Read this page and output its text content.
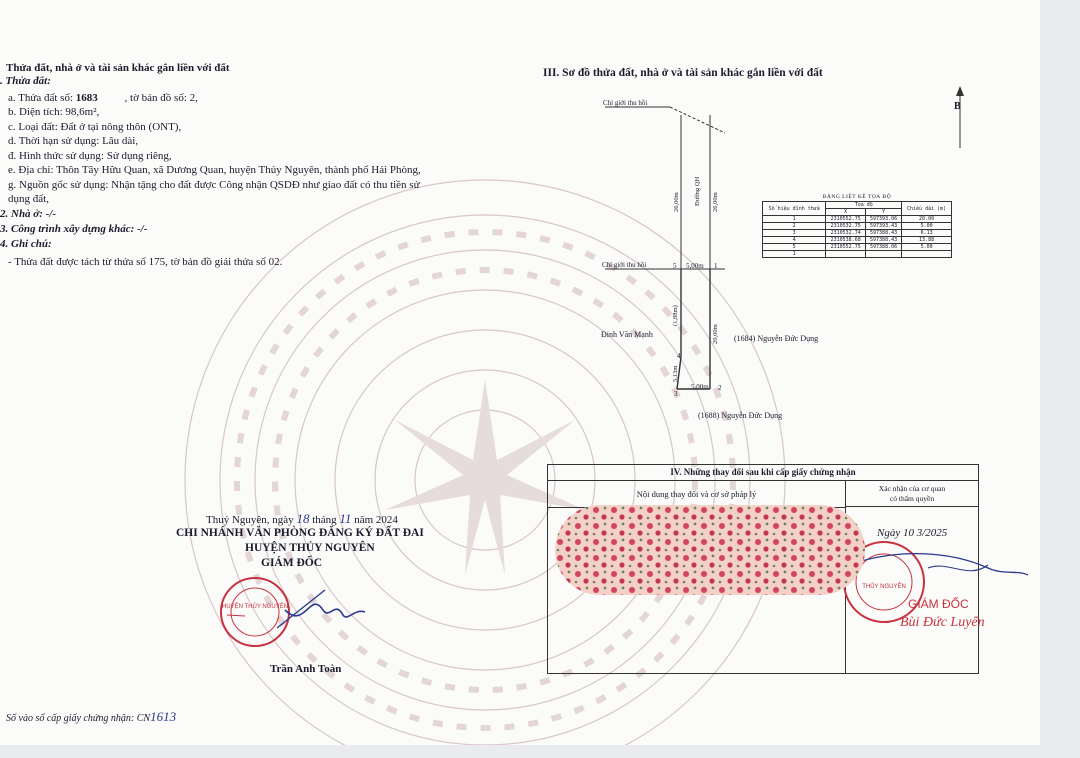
Thửa đất, nhà ở và tài sản khác gắn liền với đất
. Thửa đất:
a. Thửa đất số: 1683 , tờ bản đồ số: 2,
b. Diện tích: 98,6m²,
c. Loại đất: Đất ở tại nông thôn (ONT),
d. Thời hạn sử dụng: Lâu dài,
đ. Hình thức sử dụng: Sử dụng riêng,
e. Địa chỉ: Thôn Tây Hữu Quan, xã Dương Quan, huyện Thủy Nguyên, thành phố Hải Phòng,
g. Nguồn gốc sử dụng: Nhận tặng cho đất được Công nhận QSDĐ như giao đất có thu tiền sử
dụng đất,
2. Nhà ở: -/-
3. Công trình xây dựng khác: -/-
4. Ghi chú:
- Thửa đất được tách từ thửa số 175, tờ bản đồ giải thửa số 02.
Thuỷ Nguyên, ngày 18 tháng 11 năm 2024
CHI NHÁNH VĂN PHÒNG ĐĂNG KÝ ĐẤT ĐAI
HUYỆN THỦY NGUYÊN
GIÁM ĐỐC
HUYỆN THỦY NGUYÊN
Trần Anh Toàn
Số vào sổ cấp giấy chứng nhận: CN1613
III. Sơ đồ thửa đất, nhà ở và tài sản khác gắn liền với đất
B
Chỉ giới thu hồi
Chỉ giới thu hồi
Đường QH
26,00m	26,00m
(1,88m)
20,00m
5,13m
5,00m
5,00m
1
2
3
4
5
Đinh Văn Mạnh	(1684) Nguyễn Đức Dụng
(1688) Nguyễn Đức Dụng
BẢNG LIỆT KÊ TỌA ĐỘ
Số hiệu đỉnh thửa	Tọa độ		Chiều dài (m)
	X	Y	
1	2310552.75	597393.06	20.00
2	2310532.75	597393.43	5.00
3	2310532.74	597388.43	6.13
4	2310538.68	597388.43	13.88
5	2310552.75	597388.06	5.00
1			
IV. Những thay đổi sau khi cấp giấy chứng nhận
Nội dung thay đổi và cơ sở pháp lý
Xác nhận của cơ quan
có thẩm quyền
Ngày 10 3/2025
THỦY NGUYÊN
GIÁM ĐỐC
Bùi Đức Luyến
